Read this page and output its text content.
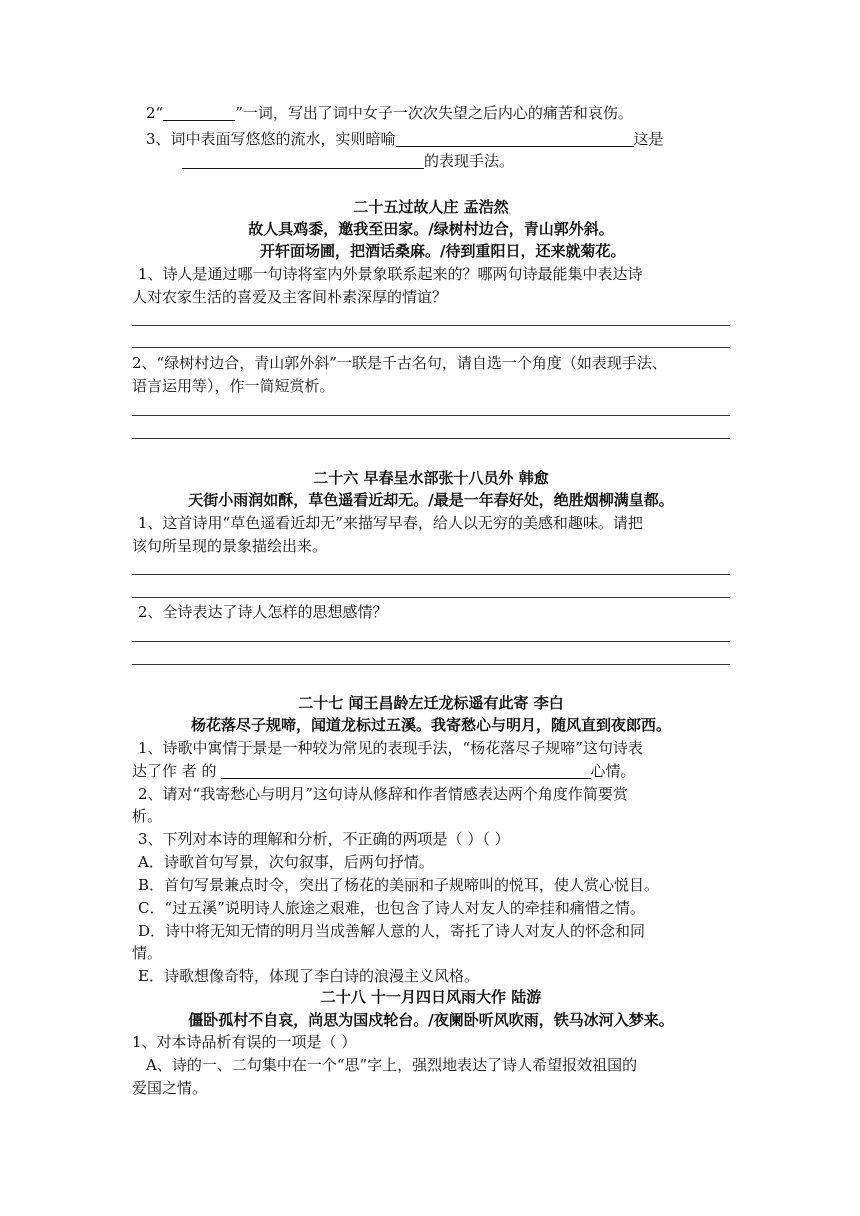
2“	”一词，写出了词中女子一次次失望之后内心的痛苦和哀伤。
3、词中表面写悠悠的流水，实则暗喻	这是
的表现手法。
二十五过故人庄 孟浩然
故人具鸡黍，邀我至田家。/绿树村边合，青山郭外斜。
开轩面场圃，把酒话桑麻。/待到重阳日，还来就菊花。
1、诗人是通过哪一句诗将室内外景象联系起来的？哪两句诗最能集中表达诗
人对农家生活的喜爱及主客间朴素深厚的情谊？
2、“绿树村边合，青山郭外斜”一联是千古名句，请自选一个角度（如表现手法、
语言运用等），作一简短赏析。
二十六 早春呈水部张十八员外 韩愈
天街小雨润如酥，草色遥看近却无。/最是一年春好处，绝胜烟柳满皇都。
1、这首诗用“草色遥看近却无”来描写早春，给人以无穷的美感和趣味。请把
该句所呈现的景象描绘出来。
2、全诗表达了诗人怎样的思想感情？
二十七 闻王昌龄左迁龙标遥有此寄 李白
杨花落尽子规啼，闻道龙标过五溪。我寄愁心与明月，随风直到夜郎西。
1、诗歌中寓情于景是一种较为常见的表现手法，“杨花落尽子规啼”这句诗表
达了作 者 的	心情。
2、请对“我寄愁心与明月”这句诗从修辞和作者情感表达两个角度作简要赏
析。
3、下列对本诗的理解和分析，不正确的两项是（ ）（ ）
A．诗歌首句写景，次句叙事，后两句抒情。
B．首句写景兼点时令，突出了杨花的美丽和子规啼叫的悦耳，使人赏心悦目。
C．“过五溪”说明诗人旅途之艰难，也包含了诗人对友人的牵挂和痛惜之情。
D．诗中将无知无情的明月当成善解人意的人，寄托了诗人对友人的怀念和同
情。
E．诗歌想像奇特，体现了李白诗的浪漫主义风格。
二十八 十一月四日风雨大作 陆游
僵卧孤村不自哀，尚思为国戍轮台。/夜阑卧听风吹雨，铁马冰河入梦来。
1、对本诗品析有误的一项是（ ）
A、诗的一、二句集中在一个“思”字上，强烈地表达了诗人希望报效祖国的
爱国之情。
